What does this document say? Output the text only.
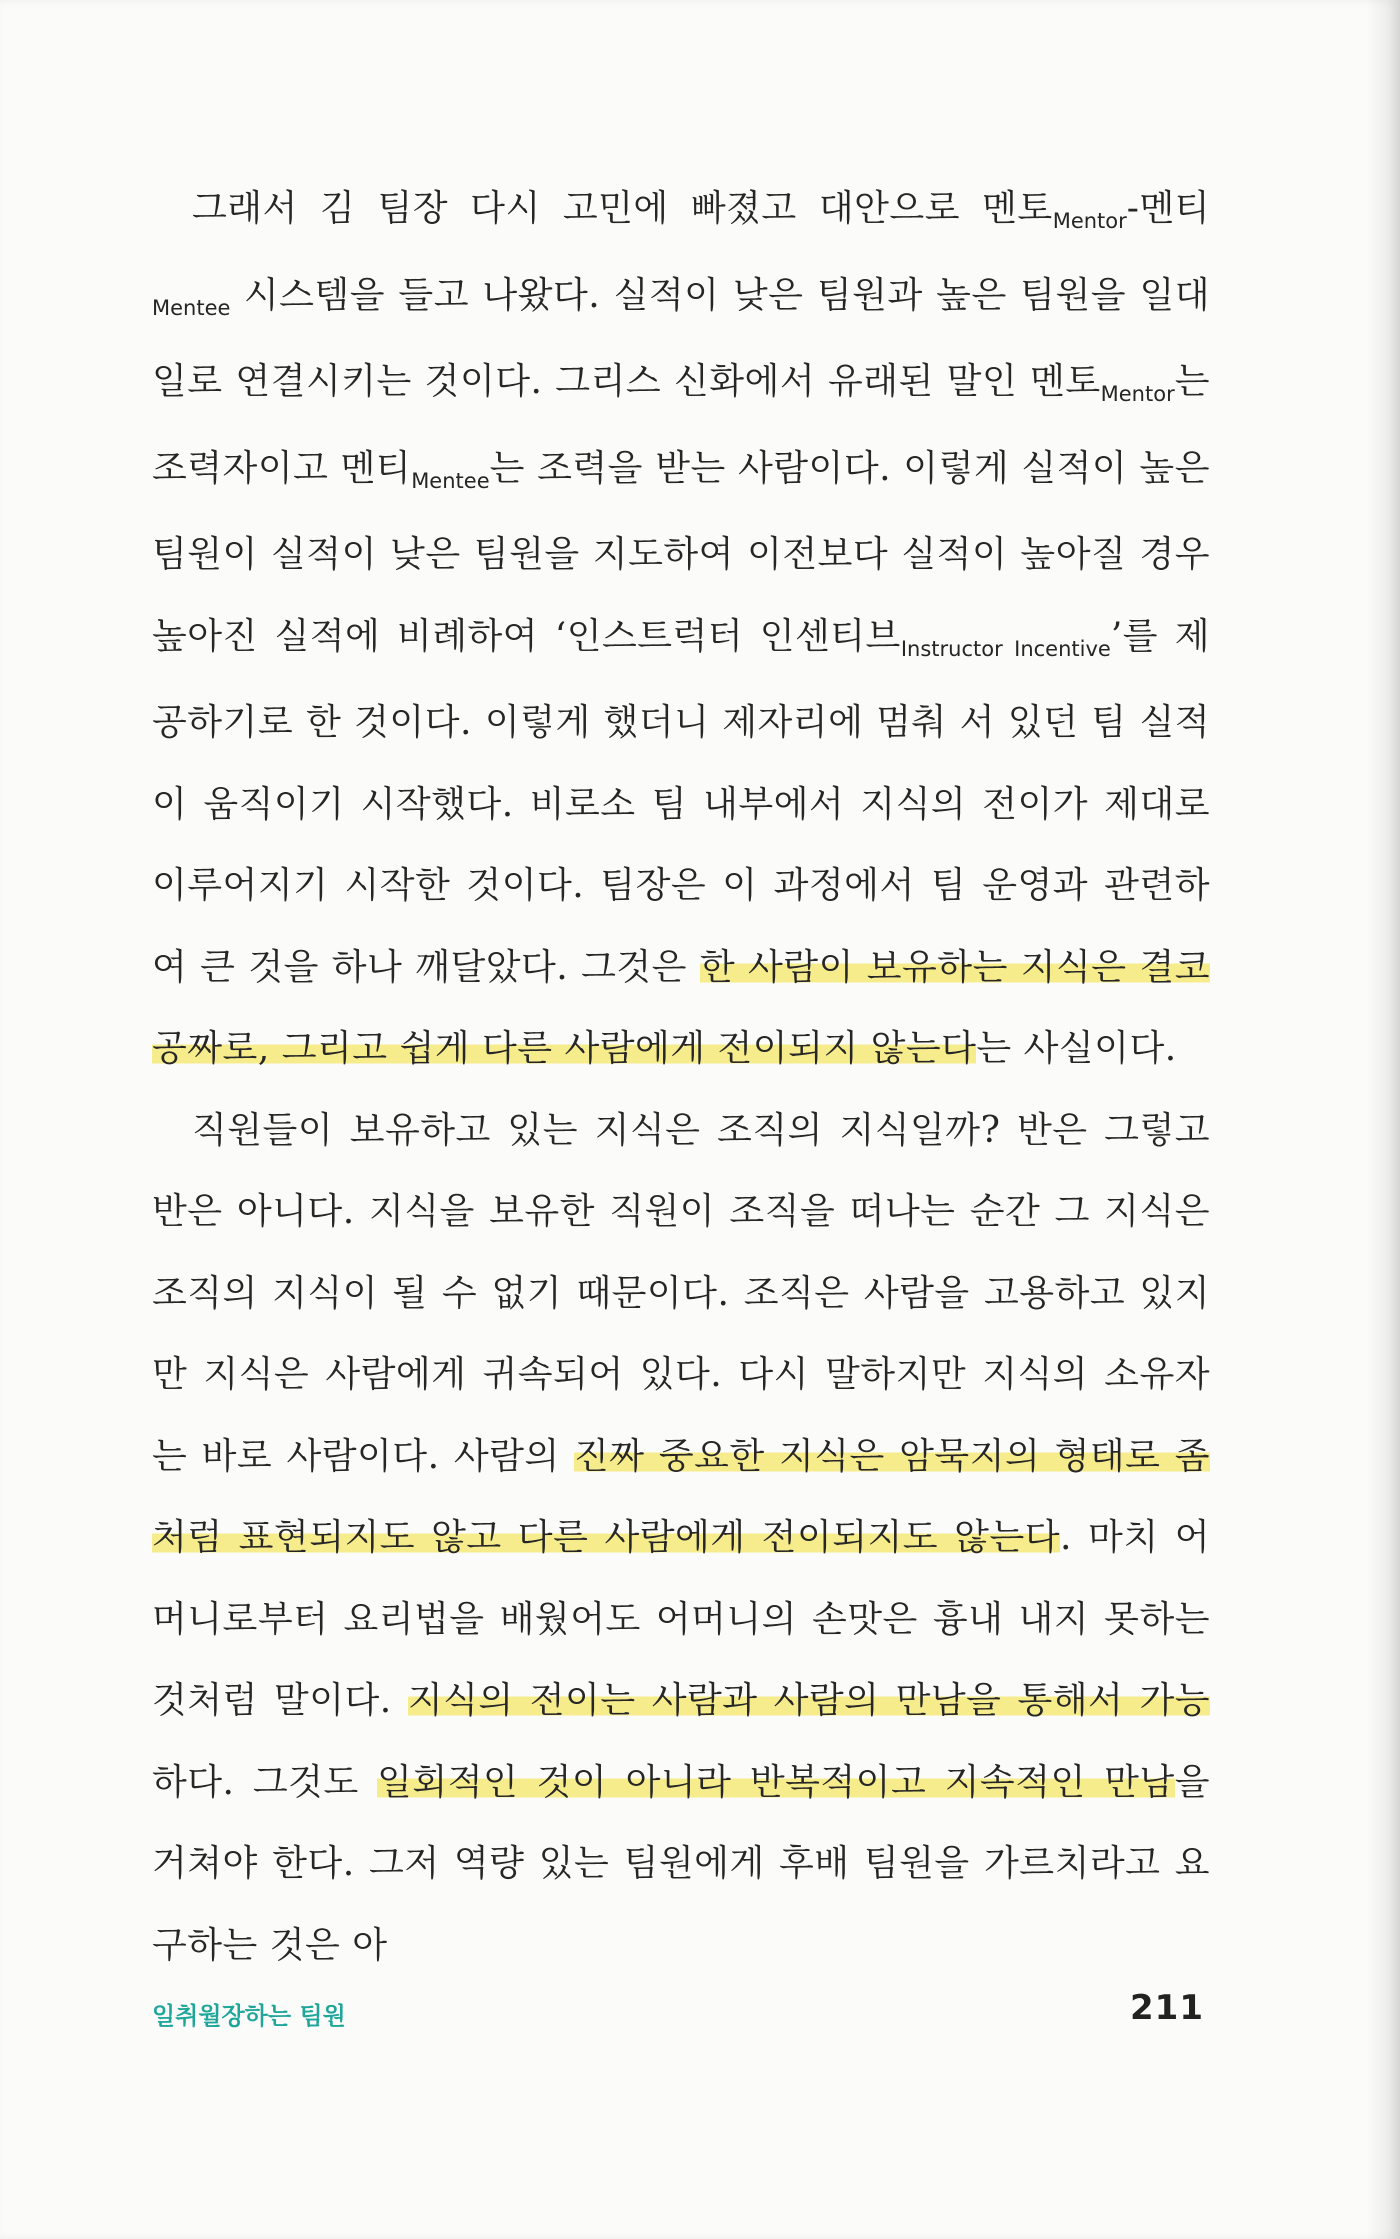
그래서 김 팀장 다시 고민에 빠졌고 대안으로 멘토$_{Mentor}$-멘티$_{Mentee}$ 시스템을 들고 나왔다. 실적이 낮은 팀원과 높은 팀원을 일대일로 연결시키는 것이다. 그리스 신화에서 유래된 말인 멘토$_{Mentor}$는 조력자이고 멘티$_{Mentee}$는 조력을 받는 사람이다. 이렇게 실적이 높은 팀원이 실적이 낮은 팀원을 지도하여 이전보다 실적이 높아질 경우 높아진 실적에 비례하여 ‘인스트럭터 인센티브$_{Instructor Incentive}$’를 제공하기로 한 것이다. 이렇게 했더니 제자리에 멈춰 서 있던 팀 실적이 움직이기 시작했다. 비로소 팀 내부에서 지식의 전이가 제대로 이루어지기 시작한 것이다. 팀장은 이 과정에서 팀 운영과 관련하여 큰 것을 하나 깨달았다. 그것은 한 사람이 보유하는 지식은 결코 공짜로, 그리고 쉽게 다른 사람에게 전이되지 않는다는 사실이다.

직원들이 보유하고 있는 지식은 조직의 지식일까? 반은 그렇고 반은 아니다. 지식을 보유한 직원이 조직을 떠나는 순간 그 지식은 조직의 지식이 될 수 없기 때문이다. 조직은 사람을 고용하고 있지만 지식은 사람에게 귀속되어 있다. 다시 말하지만 지식의 소유자는 바로 사람이다. 사람의 진짜 중요한 지식은 암묵지의 형태로 좀처럼 표현되지도 않고 다른 사람에게 전이되지도 않는다. 마치 어머니로부터 요리법을 배웠어도 어머니의 손맛은 흉내 내지 못하는 것처럼 말이다. 지식의 전이는 사람과 사람의 만남을 통해서 가능하다. 그것도 일회적인 것이 아니라 반복적이고 지속적인 만남을 거쳐야 한다. 그저 역량 있는 팀원에게 후배 팀원을 가르치라고 요구하는 것은 아

일취월장하는 팀원	211
